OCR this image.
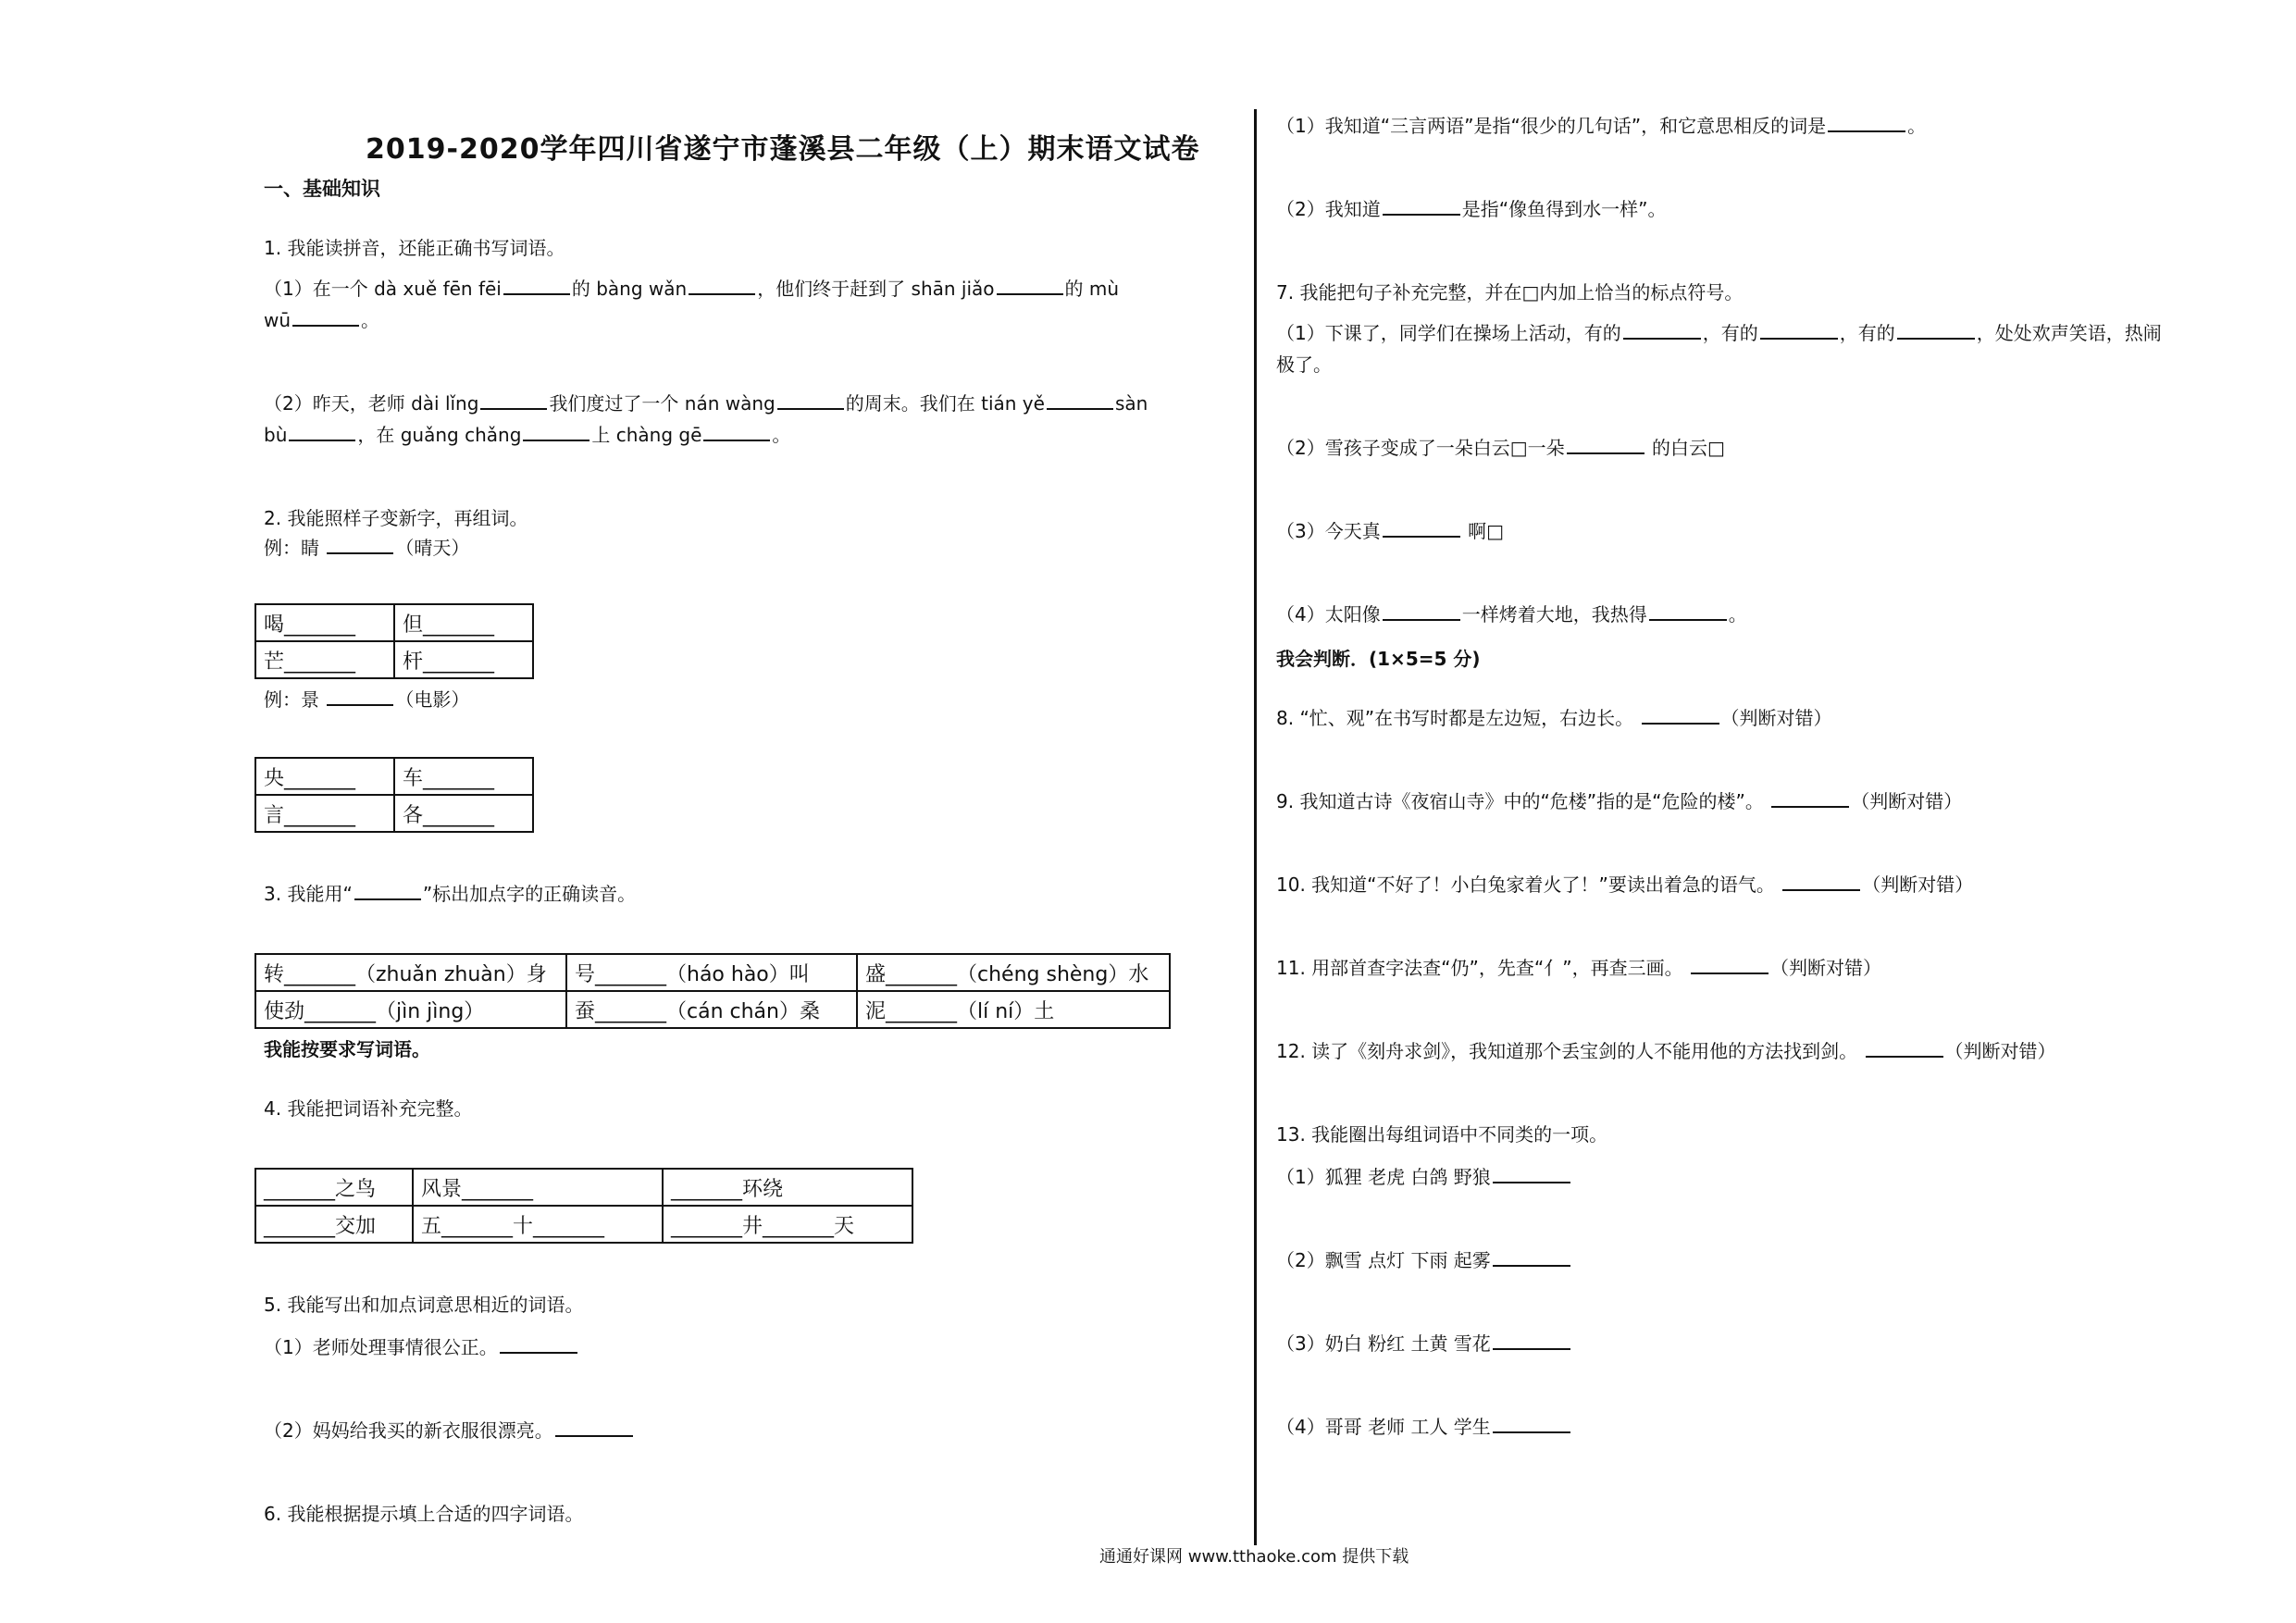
2019-2020学年四川省遂宁市蓬溪县二年级（上）期末语文试卷
一、基础知识
1. 我能读拼音，还能正确书写词语。
（1）在一个 dà xuě fēn fēi	的 bàng wǎn	，他们终于赶到了 shān jiǎo	的 mù
wū	。
（2）昨天，老师 dài lǐng	我们度过了一个 nán wàng	的周末。我们在 tián yě	sàn
bù	，在 guǎng chǎng	上 chàng gē	。
2. 我能照样子变新字，再组词。
例：睛	（晴天）
喝_______	但_______
芒_______	杆_______
例：景	（电影）
央_______	车_______
言_______	各_______
3. 我能用“	”标出加点字的正确读音。
转_______（zhuǎn zhuàn）身	号_______（háo hào）叫	盛_______（chéng shèng）水
使劲_______（jìn jìng）	蚕_______（cán chán）桑	泥_______（lí ní）土
我能按要求写词语。
4. 我能把词语补充完整。
_______之鸟	风景_______	_______环绕
_______交加	五_______十_______	_______井_______天
5. 我能写出和加点词意思相近的词语。
（1）老师处理事情很公正。
（2）妈妈给我买的新衣服很漂亮。
6. 我能根据提示填上合适的四字词语。
（1）我知道“三言两语”是指“很少的几句话”，和它意思相反的词是	。
（2）我知道	是指“像鱼得到水一样”。
7. 我能把句子补充完整，并在□内加上恰当的标点符号。
（1）下课了，同学们在操场上活动，有的	，有的	，有的	，处处欢声笑语，热闹
极了。
（2）雪孩子变成了一朵白云□一朵	的白云□
（3）今天真	啊□
（4）太阳像	一样烤着大地，我热得	。
我会判断．(1×5=5 分)
8. “忙、观”在书写时都是左边短，右边长。	（判断对错）
9. 我知道古诗《夜宿山寺》中的“危楼”指的是“危险的楼”。	（判断对错）
10. 我知道“不好了！小白兔家着火了！”要读出着急的语气。	（判断对错）
11. 用部首查字法查“仍”，先查“亻”，再查三画。	（判断对错）
12. 读了《刻舟求剑》，我知道那个丢宝剑的人不能用他的方法找到剑。	（判断对错）
13. 我能圈出每组词语中不同类的一项。
（1）狐狸 老虎 白鸽 野狼
（2）飘雪 点灯 下雨 起雾
（3）奶白 粉红 土黄 雪花
（4）哥哥 老师 工人 学生
通通好课网 www.tthaoke.com 提供下载
